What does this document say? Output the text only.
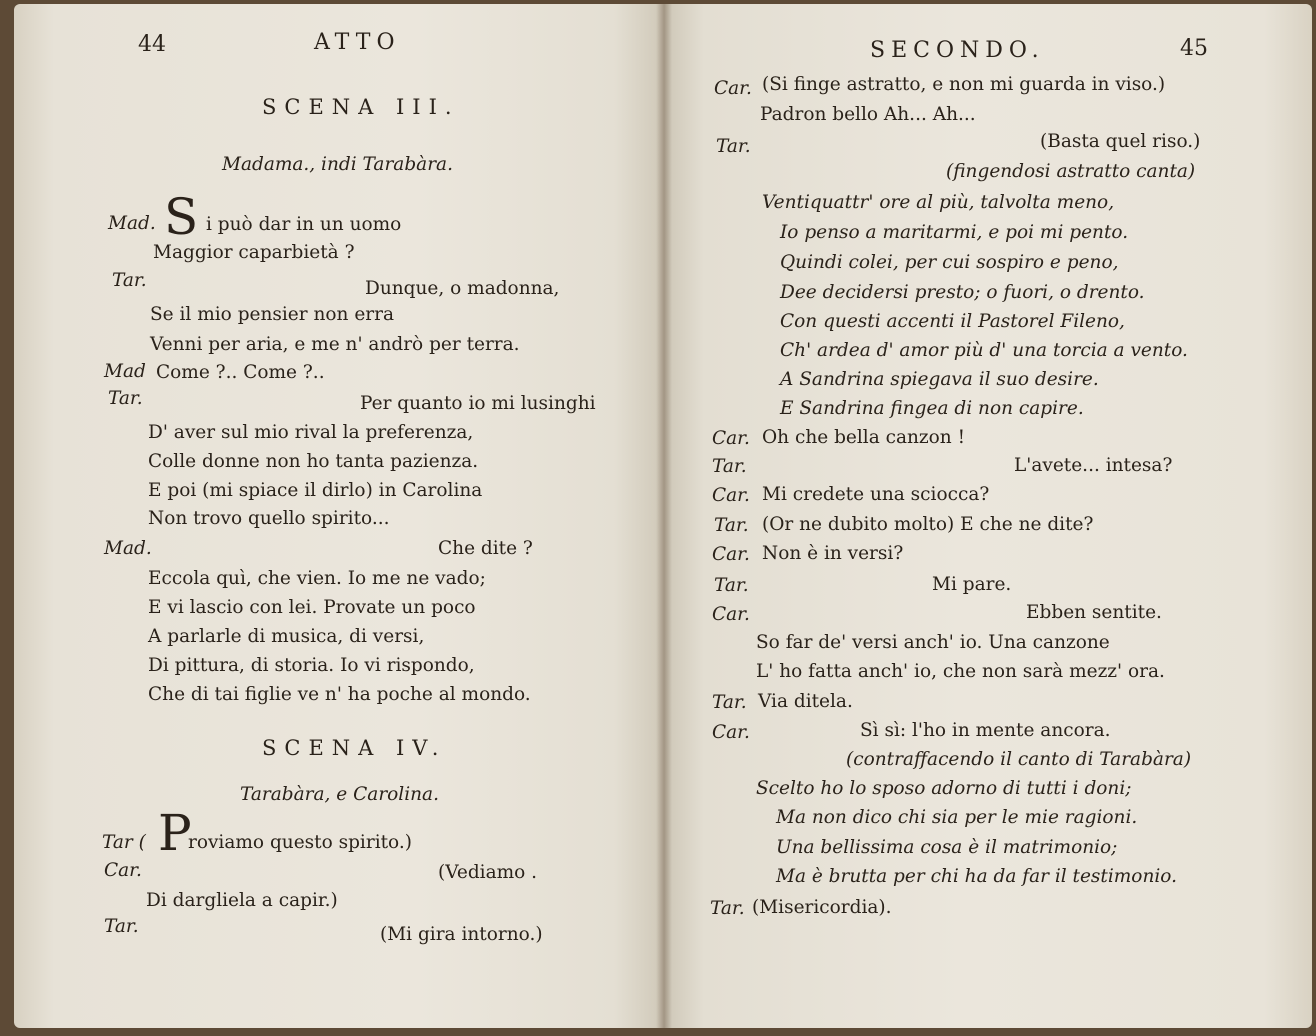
44	ATTO
SCENA III.
Madama., indi Tarabàra.
Mad. S i può dar in un uomo
Maggior caparbietà ?
Tar.	Dunque, o madonna,
Se il mio pensier non erra
Venni per aria, e me n' andrò per terra.
Mad Come ?.. Come ?..
Tar.	Per quanto io mi lusinghi
D' aver sul mio rival la preferenza,
Colle donne non ho tanta pazienza.
E poi (mi spiace il dirlo) in Carolina
Non trovo quello spirito...
Mad.	Che dite ?
Eccola quì, che vien. Io me ne vado;
E vi lascio con lei. Provate un poco
A parlarle di musica, di versi,
Di pittura, di storia. Io vi rispondo,
Che di tai figlie ve n' ha poche al mondo.
SCENA IV.
Tarabàra, e Carolina.
Tar ( P
roviamo questo spirito.)
Car.	(Vediamo .
Di dargliela a capir.)
Tar.	(Mi gira intorno.)
SECONDO.	45
Car. (Si finge astratto, e non mi guarda in viso.)
Padron bello Ah... Ah...
Tar.	(Basta quel riso.)
(fingendosi astratto canta)
Ventiquattr' ore al più, talvolta meno,
Io penso a maritarmi, e poi mi pento.
Quindi colei, per cui sospiro e peno,
Dee decidersi presto; o fuori, o drento.
Con questi accenti il Pastorel Fileno,
Ch' ardea d' amor più d' una torcia a vento.
A Sandrina spiegava il suo desire.
E Sandrina fingea di non capire.
Car. Oh che bella canzon !
Tar.	L'avete... intesa?
Car. Mi credete una sciocca?
Tar. (Or ne dubito molto) E che ne dite?
Car. Non è in versi?
Tar.	Mi pare.
Car.	Ebben sentite.
So far de' versi anch' io. Una canzone
L' ho fatta anch' io, che non sarà mezz' ora.
Tar. Via ditela.
Car.	Sì sì: l'ho in mente ancora.
(contraffacendo il canto di Tarabàra)
Scelto ho lo sposo adorno di tutti i doni;
Ma non dico chi sia per le mie ragioni.
Una bellissima cosa è il matrimonio;
Ma è brutta per chi ha da far il testimonio.
Tar. (Misericordia).
